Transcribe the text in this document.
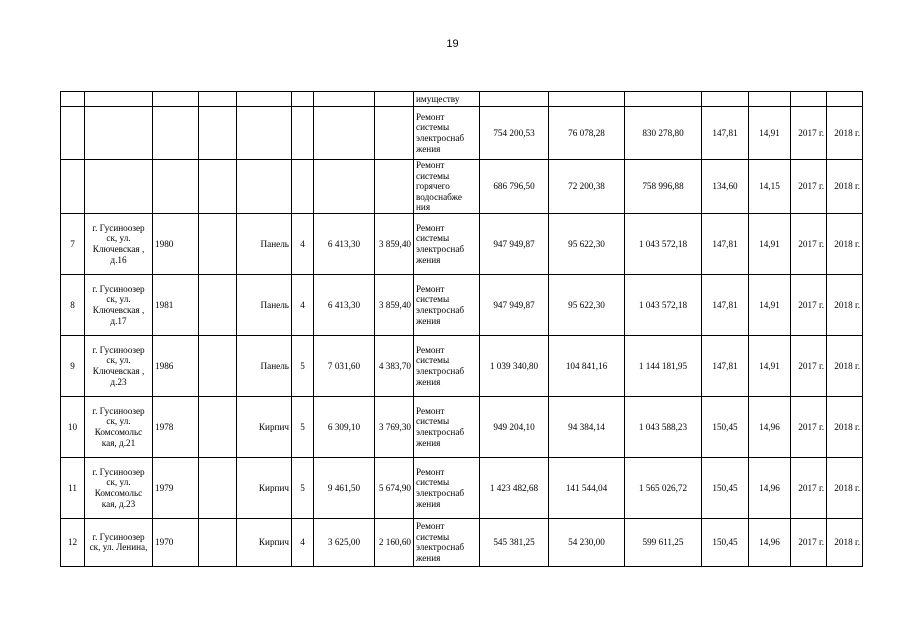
19
								имуществу							
								Ремонт системы электроснаб жения	754 200,53	76 078,28	830 278,80	147,81	14,91	2017 г.	2018 г.
								Ремонт системы горячего водоснабже ния	686 796,50	72 200,38	758 996,88	134,60	14,15	2017 г.	2018 г.
7	г. Гусиноозер ск, ул. Ключевская , д.16	1980		Панель	4	6 413,30	3 859,40	Ремонт системы электроснаб жения	947 949,87	95 622,30	1 043 572,18	147,81	14,91	2017 г.	2018 г.
8	г. Гусиноозер ск, ул. Ключевская , д.17	1981		Панель	4	6 413,30	3 859,40	Ремонт системы электроснаб жения	947 949,87	95 622,30	1 043 572,18	147,81	14,91	2017 г.	2018 г.
9	г. Гусиноозер ск, ул. Ключевская , д.23	1986		Панель	5	7 031,60	4 383,70	Ремонт системы электроснаб жения	1 039 340,80	104 841,16	1 144 181,95	147,81	14,91	2017 г.	2018 г.
10	г. Гусиноозер ск, ул. Комсомольс кая, д.21	1978		Кирпич	5	6 309,10	3 769,30	Ремонт системы электроснаб жения	949 204,10	94 384,14	1 043 588,23	150,45	14,96	2017 г.	2018 г.
11	г. Гусиноозер ск, ул. Комсомольс кая, д.23	1979		Кирпич	5	9 461,50	5 674,90	Ремонт системы электроснаб жения	1 423 482,68	141 544,04	1 565 026,72	150,45	14,96	2017 г.	2018 г.
12	г. Гусиноозер ск, ул. Ленина,	1970		Кирпич	4	3 625,00	2 160,60	Ремонт системы электроснаб жения	545 381,25	54 230,00	599 611,25	150,45	14,96	2017 г.	2018 г.
